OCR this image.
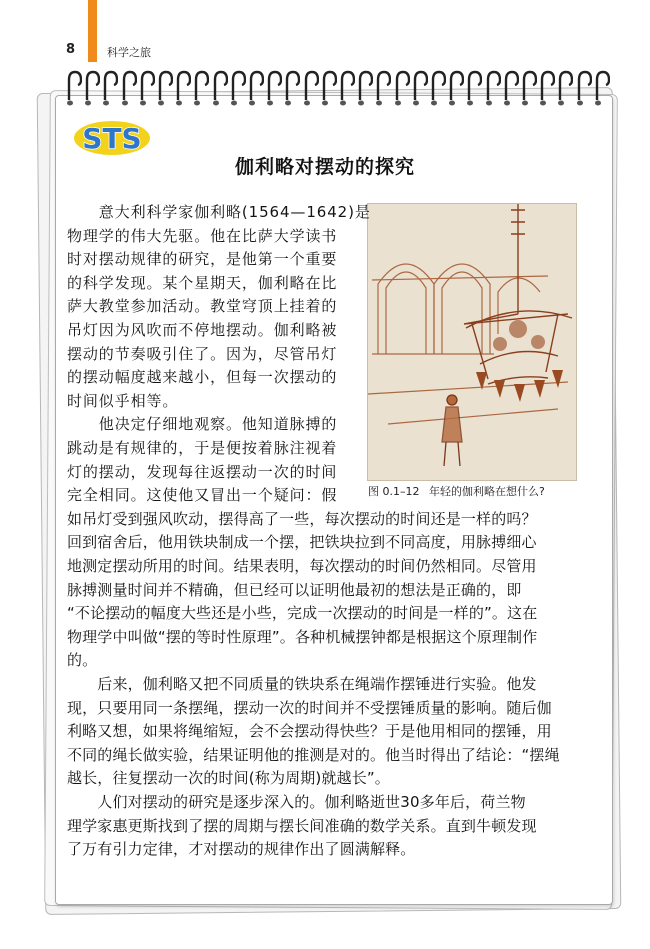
8	科学之旅
STS
伽利略对摆动的探究
图 0.1–12 年轻的伽利略在想什么?
　　意大利科学家伽利略(1564—1642)是
物理学的伟大先驱。他在比萨大学读书
时对摆动规律的研究，是他第一个重要
的科学发现。某个星期天，伽利略在比
萨大教堂参加活动。教堂穹顶上挂着的
吊灯因为风吹而不停地摆动。伽利略被
摆动的节奏吸引住了。因为，尽管吊灯
的摆动幅度越来越小，但每一次摆动的
时间似乎相等。
　　他决定仔细地观察。他知道脉搏的
跳动是有规律的，于是便按着脉注视着
灯的摆动，发现每往返摆动一次的时间
完全相同。这使他又冒出一个疑问：假
如吊灯受到强风吹动，摆得高了一些，每次摆动的时间还是一样的吗？
回到宿舍后，他用铁块制成一个摆，把铁块拉到不同高度，用脉搏细心
地测定摆动所用的时间。结果表明，每次摆动的时间仍然相同。尽管用
脉搏测量时间并不精确，但已经可以证明他最初的想法是正确的，即
“不论摆动的幅度大些还是小些，完成一次摆动的时间是一样的”。这在
物理学中叫做“摆的等时性原理”。各种机械摆钟都是根据这个原理制作
的。
　　后来，伽利略又把不同质量的铁块系在绳端作摆锤进行实验。他发
现，只要用同一条摆绳，摆动一次的时间并不受摆锤质量的影响。随后伽
利略又想，如果将绳缩短，会不会摆动得快些？于是他用相同的摆锤，用
不同的绳长做实验，结果证明他的推测是对的。他当时得出了结论：“摆绳
越长，往复摆动一次的时间(称为周期)就越长”。
　　人们对摆动的研究是逐步深入的。伽利略逝世30多年后，荷兰物
理学家惠更斯找到了摆的周期与摆长间准确的数学关系。直到牛顿发现
了万有引力定律，才对摆动的规律作出了圆满解释。
